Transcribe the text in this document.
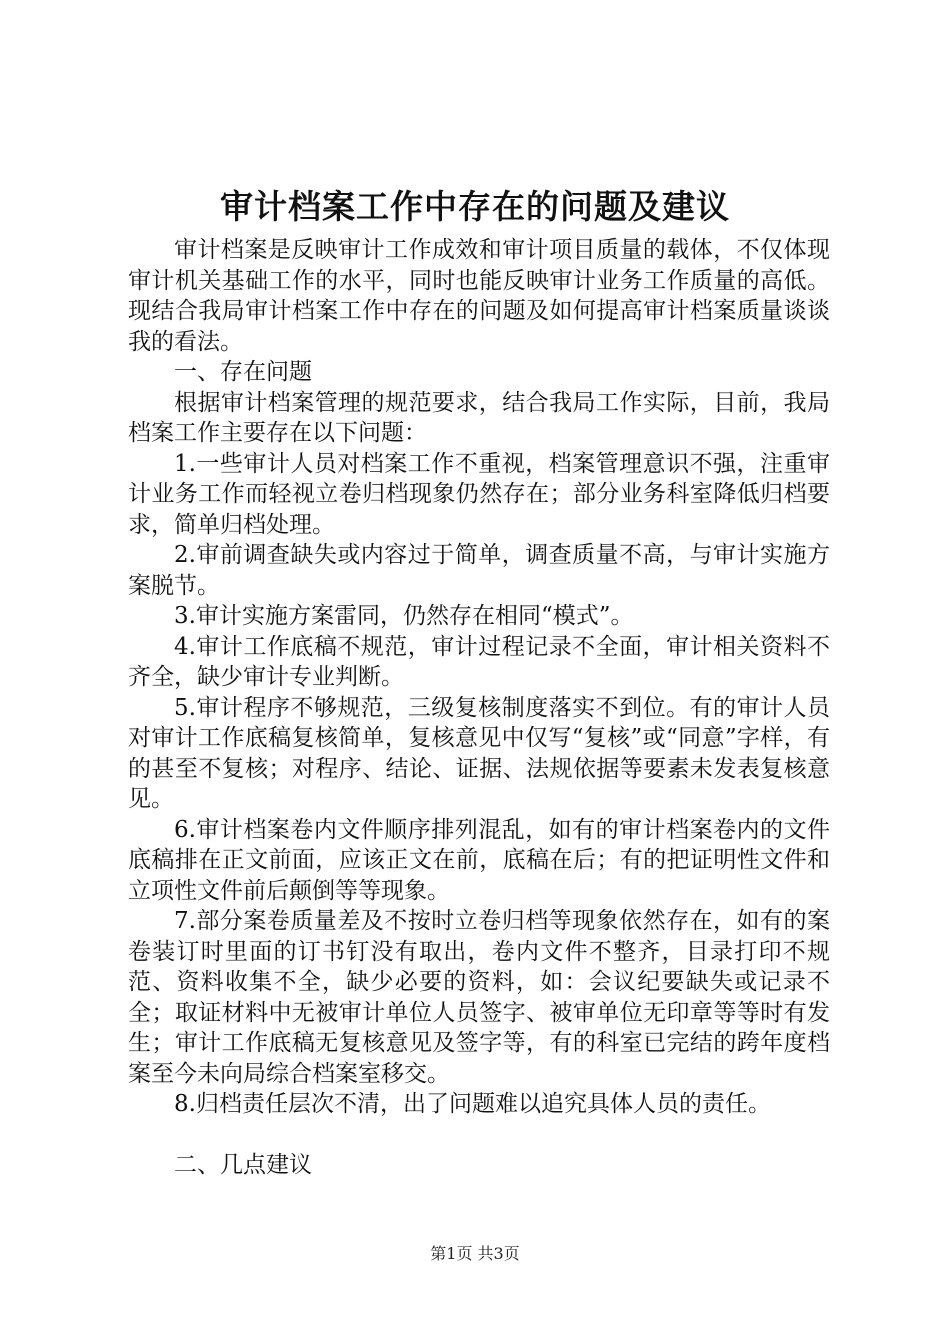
审计档案工作中存在的问题及建议

审计档案是反映审计工作成效和审计项目质量的载体，不仅体现审计机关基础工作的水平，同时也能反映审计业务工作质量的高低。现结合我局审计档案工作中存在的问题及如何提高审计档案质量谈谈我的看法。

一、存在问题

根据审计档案管理的规范要求，结合我局工作实际，目前，我局档案工作主要存在以下问题：

1.一些审计人员对档案工作不重视，档案管理意识不强，注重审计业务工作而轻视立卷归档现象仍然存在；部分业务科室降低归档要求，简单归档处理。

2.审前调查缺失或内容过于简单，调查质量不高，与审计实施方案脱节。

3.审计实施方案雷同，仍然存在相同“模式”。

4.审计工作底稿不规范，审计过程记录不全面，审计相关资料不齐全，缺少审计专业判断。

5.审计程序不够规范，三级复核制度落实不到位。有的审计人员对审计工作底稿复核简单，复核意见中仅写“复核”或“同意”字样，有的甚至不复核；对程序、结论、证据、法规依据等要素未发表复核意见。

6.审计档案卷内文件顺序排列混乱，如有的审计档案卷内的文件底稿排在正文前面，应该正文在前，底稿在后；有的把证明性文件和立项性文件前后颠倒等等现象。

7.部分案卷质量差及不按时立卷归档等现象依然存在，如有的案卷装订时里面的订书钉没有取出，卷内文件不整齐，目录打印不规范、资料收集不全，缺少必要的资料，如：会议纪要缺失或记录不全；取证材料中无被审计单位人员签字、被审单位无印章等等时有发生；审计工作底稿无复核意见及签字等，有的科室已完结的跨年度档案至今未向局综合档案室移交。

8.归档责任层次不清，出了问题难以追究具体人员的责任。

二、几点建议

第1页 共3页
